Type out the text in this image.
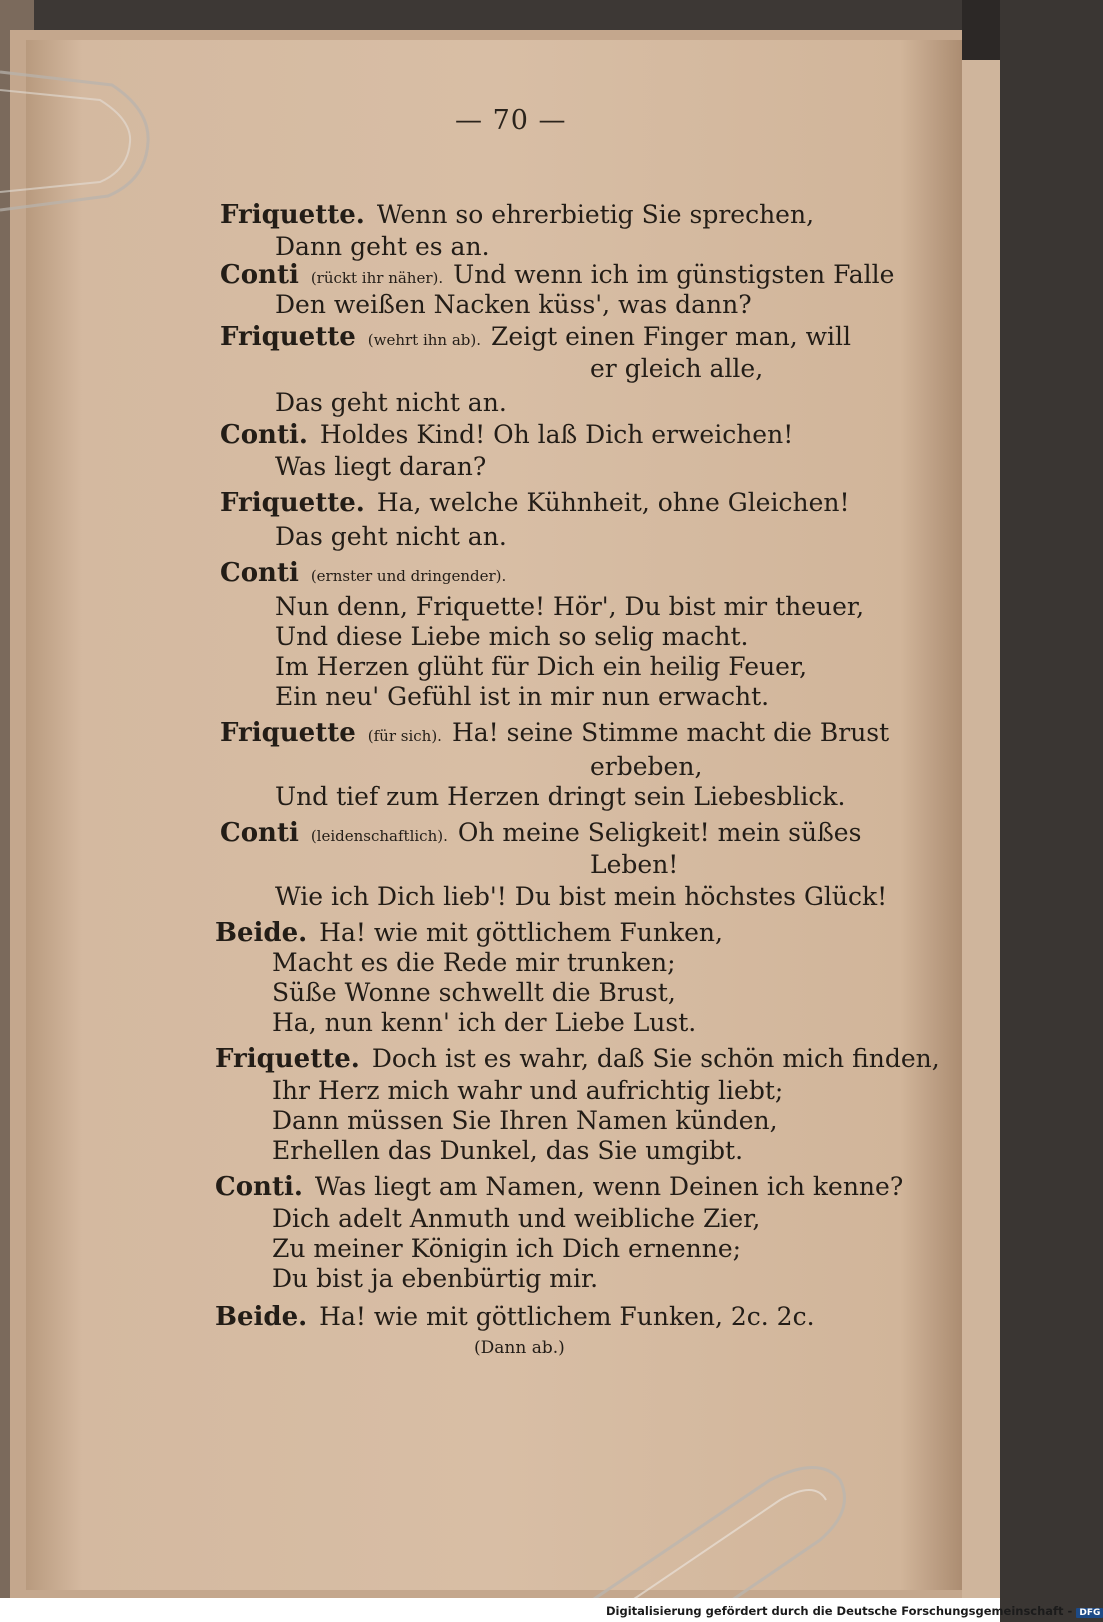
— 70 —
Friquette. Wenn so ehrerbietig Sie sprechen,
Dann geht es an.
Conti (rückt ihr näher). Und wenn ich im günstigsten Falle
Den weißen Nacken küss', was dann?
Friquette (wehrt ihn ab). Zeigt einen Finger man, will
er gleich alle,
Das geht nicht an.
Conti. Holdes Kind! Oh laß Dich erweichen!
Was liegt daran?
Friquette. Ha, welche Kühnheit, ohne Gleichen!
Das geht nicht an.
Conti (ernster und dringender).
Nun denn, Friquette! Hör', Du bist mir theuer,
Und diese Liebe mich so selig macht.
Im Herzen glüht für Dich ein heilig Feuer,
Ein neu' Gefühl ist in mir nun erwacht.
Friquette (für sich). Ha! seine Stimme macht die Brust
erbeben,
Und tief zum Herzen dringt sein Liebesblick.
Conti (leidenschaftlich). Oh meine Seligkeit! mein süßes
Leben!
Wie ich Dich lieb'! Du bist mein höchstes Glück!
Beide. Ha! wie mit göttlichem Funken,
Macht es die Rede mir trunken;
Süße Wonne schwellt die Brust,
Ha, nun kenn' ich der Liebe Lust.
Friquette. Doch ist es wahr, daß Sie schön mich finden,
Ihr Herz mich wahr und aufrichtig liebt;
Dann müssen Sie Ihren Namen künden,
Erhellen das Dunkel, das Sie umgibt.
Conti. Was liegt am Namen, wenn Deinen ich kenne?
Dich adelt Anmuth und weibliche Zier,
Zu meiner Königin ich Dich ernenne;
Du bist ja ebenbürtig mir.
Beide. Ha! wie mit göttlichem Funken, 2c. 2c.
(Dann ab.)
Digitalisierung gefördert durch die Deutsche Forschungsgemeinschaft - DFG
